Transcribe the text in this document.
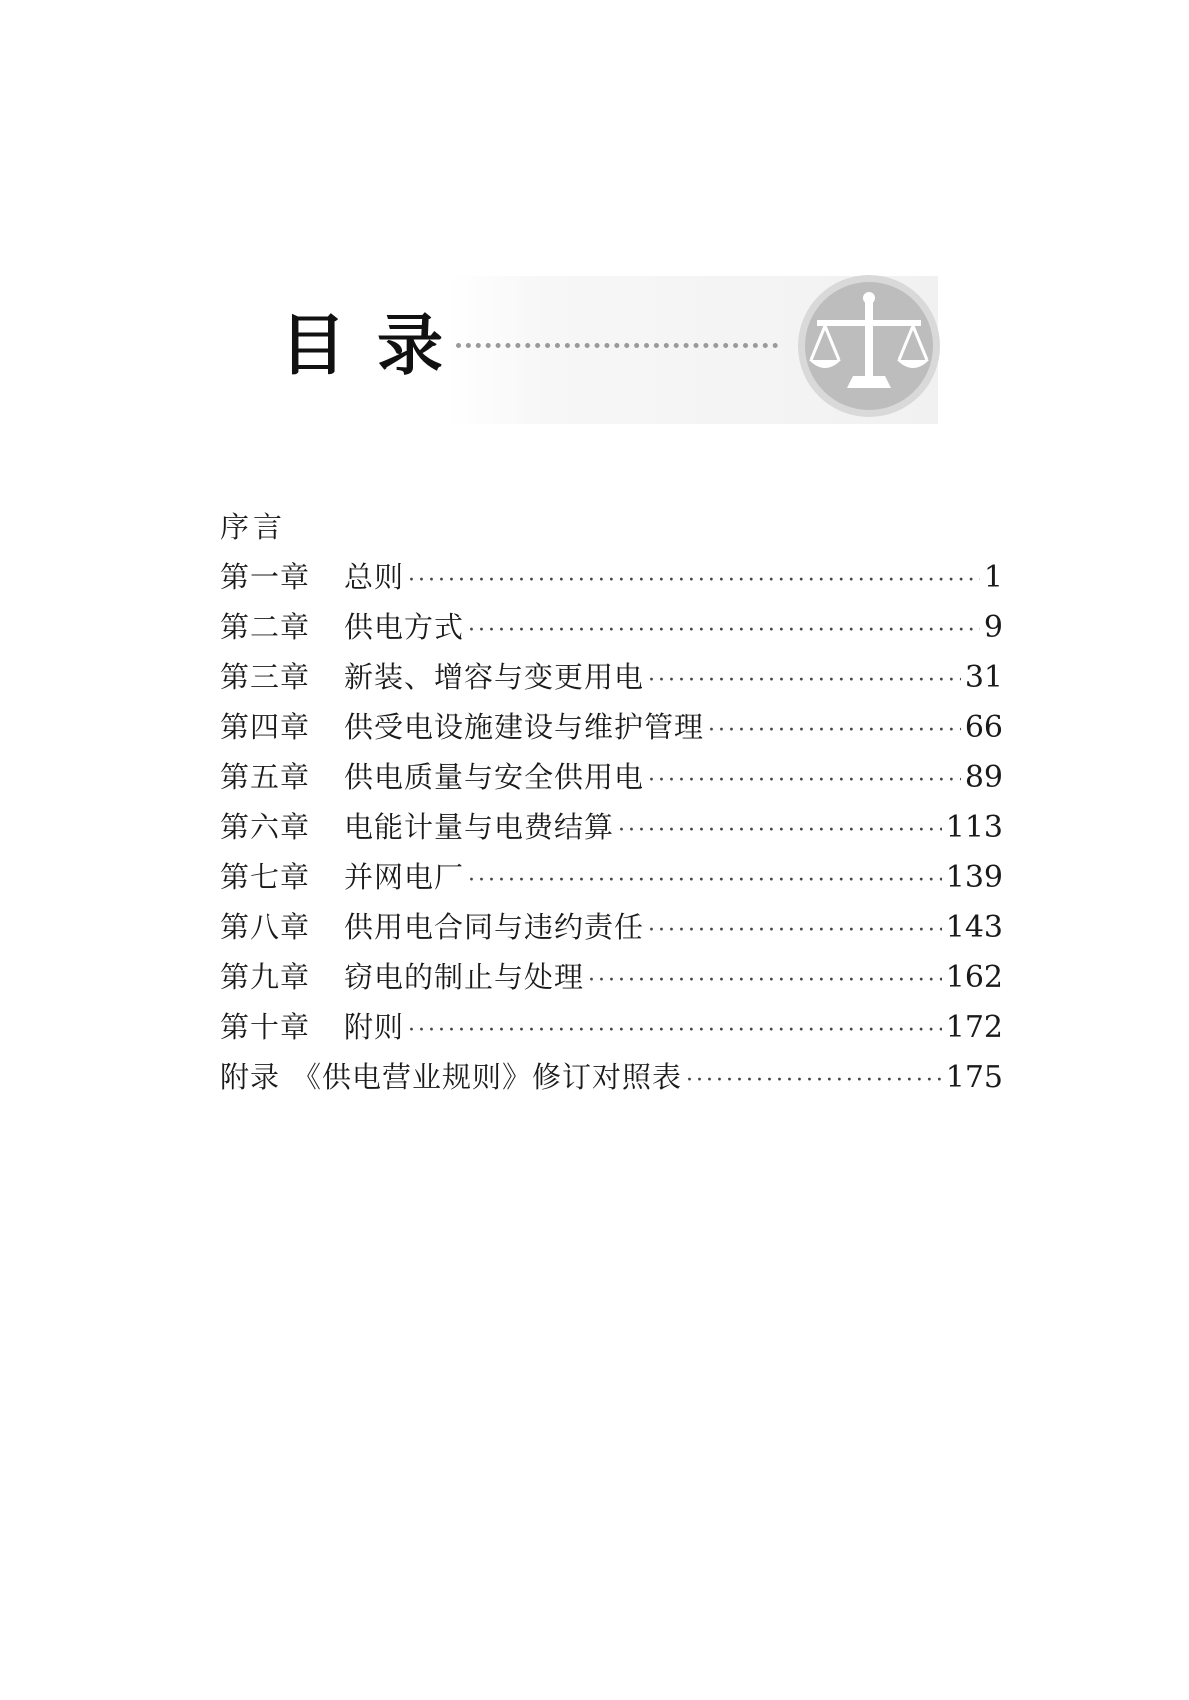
目 录
序言
第一章 总则 ·····	1
第二章 供电方式 ·····	9
第三章 新装、增容与变更用电 ·····	31
第四章 供受电设施建设与维护管理 ·····	66
第五章 供电质量与安全供用电 ·····	89
第六章 电能计量与电费结算 ·····	113
第七章 并网电厂 ·····	139
第八章 供用电合同与违约责任 ·····	143
第九章 窃电的制止与处理 ·····	162
第十章 附则 ·····	172
附录 《供电营业规则》修订对照表 ·····	175
